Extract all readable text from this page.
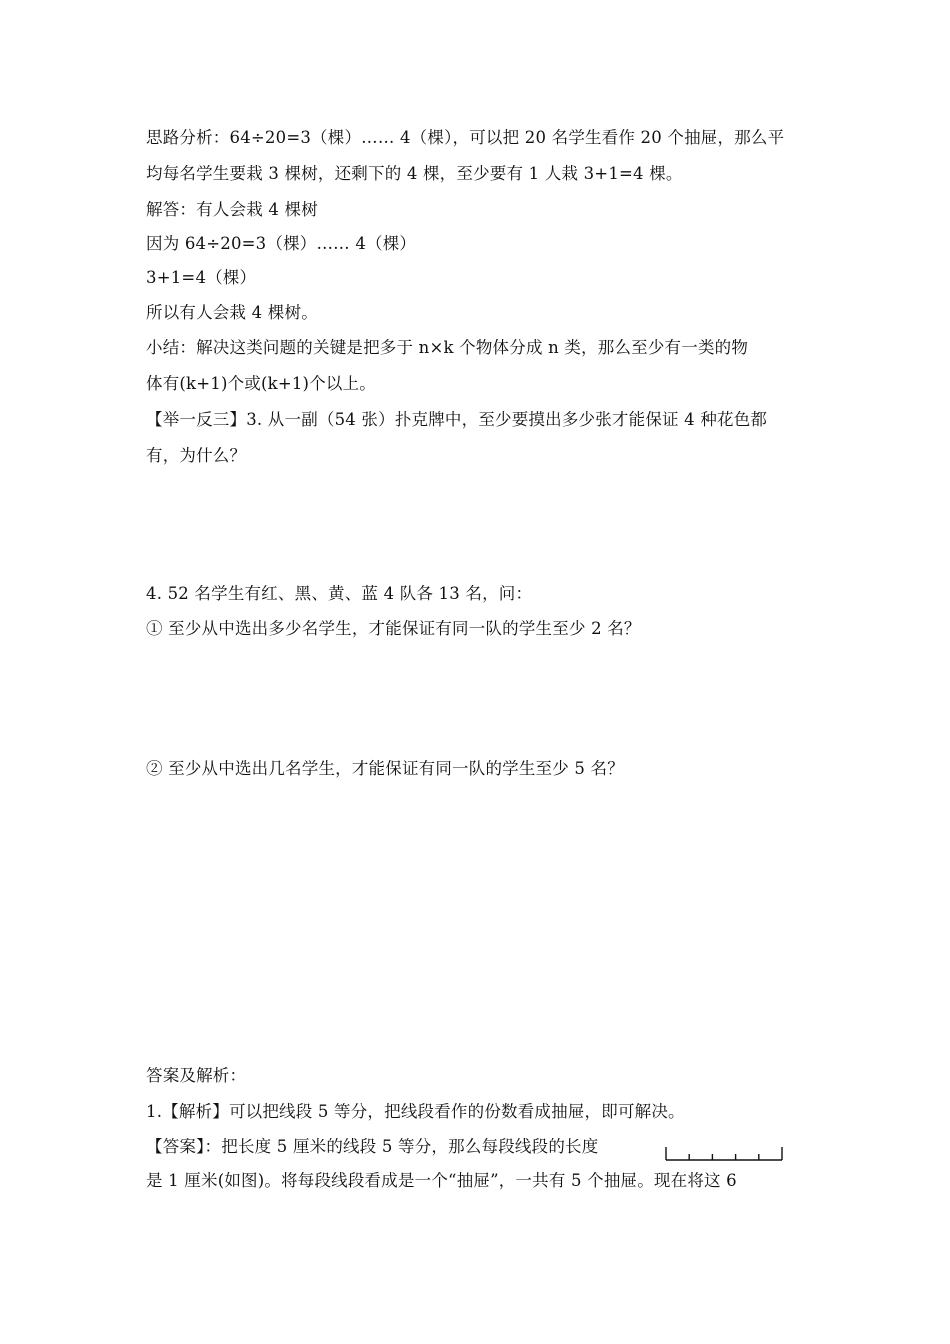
思路分析：64÷20=3（棵）…… 4（棵），可以把 20 名学生看作 20 个抽屉，那么平
均每名学生要栽 3 棵树，还剩下的 4 棵，至少要有 1 人栽 3+1=4 棵。
解答：有人会栽 4 棵树
因为 64÷20=3（棵）…… 4（棵）
3+1=4（棵）
所以有人会栽 4 棵树。
小结：解决这类问题的关键是把多于 n×k 个物体分成 n 类，那么至少有一类的物
体有(k+1)个或(k+1)个以上。
【举一反三】3. 从一副（54 张）扑克牌中，至少要摸出多少张才能保证 4 种花色都
有，为什么？
4. 52 名学生有红、黑、黄、蓝 4 队各 13 名，问：
① 至少从中选出多少名学生，才能保证有同一队的学生至少 2 名？
② 至少从中选出几名学生，才能保证有同一队的学生至少 5 名？
答案及解析：
1.【解析】可以把线段 5 等分，把线段看作的份数看成抽屉，即可解决。
【答案】：把长度 5 厘米的线段 5 等分，那么每段线段的长度
是 1 厘米(如图)。将每段线段看成是一个“抽屉”，一共有 5 个抽屉。现在将这 6
